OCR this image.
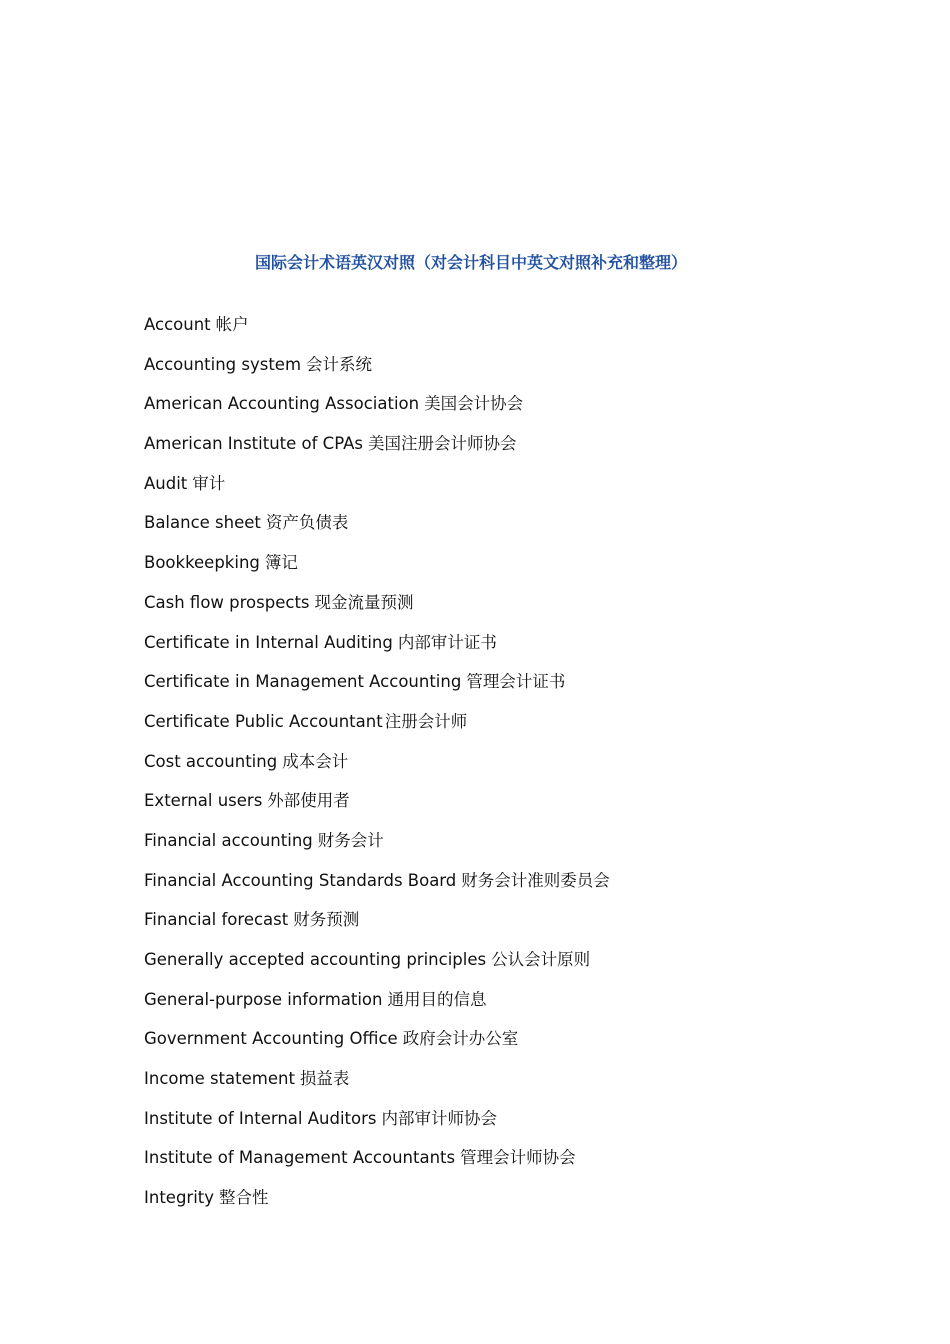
国际会计术语英汉对照（对会计科目中英文对照补充和整理）
Account 帐户
Accounting system 会计系统
American Accounting Association 美国会计协会
American Institute of CPAs 美国注册会计师协会
Audit 审计
Balance sheet 资产负债表
Bookkeepking 簿记
Cash flow prospects 现金流量预测
Certificate in Internal Auditing 内部审计证书
Certificate in Management Accounting 管理会计证书
Certificate Public Accountant 注册会计师
Cost accounting 成本会计
External users 外部使用者
Financial accounting 财务会计
Financial Accounting Standards Board 财务会计准则委员会
Financial forecast 财务预测
Generally accepted accounting principles 公认会计原则
General-purpose information 通用目的信息
Government Accounting Office 政府会计办公室
Income statement 损益表
Institute of Internal Auditors 内部审计师协会
Institute of Management Accountants 管理会计师协会
Integrity 整合性
